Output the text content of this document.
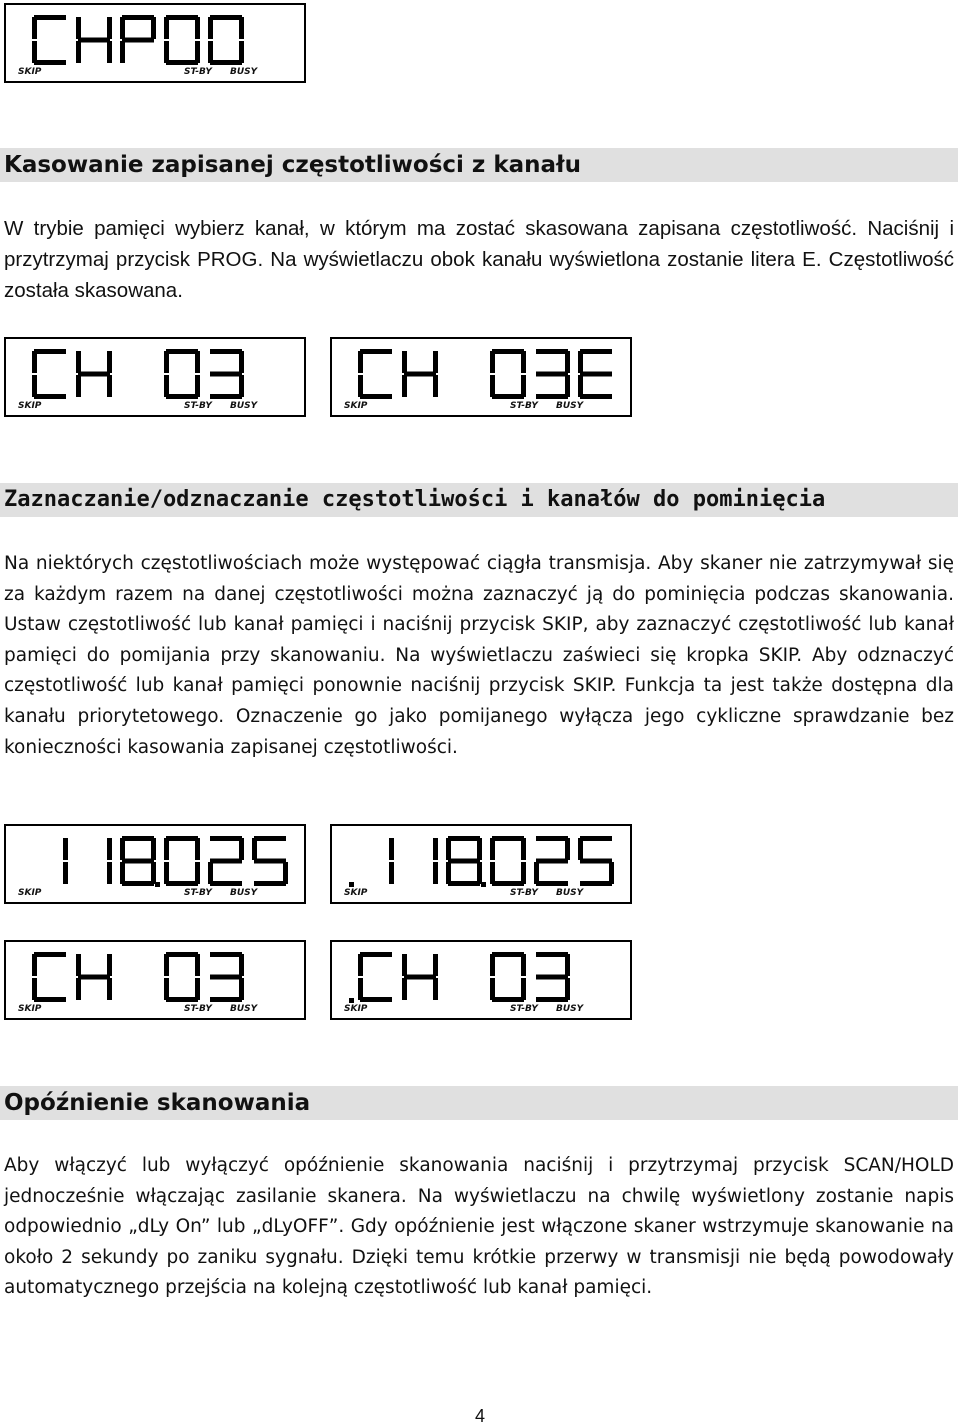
SKIP	ST-BY BUSY
Kasowanie zapisanej częstotliwości z kanału
W trybie pamięci wybierz kanał, w którym ma zostać skasowana zapisana częstotliwość. Naciśnij i przytrzymaj przycisk PROG. Na wyświetlaczu obok kanału wyświetlona zostanie litera E. Częstotliwość została skasowana.
SKIP	ST-BY BUSY	SKIP	ST-BY BUSY
Zaznaczanie/odznaczanie częstotliwości i kanałów do pominięcia
Na niektórych częstotliwościach może występować ciągła transmisja. Aby skaner nie zatrzymywał się za każdym razem na danej częstotliwości można zaznaczyć ją do pominięcia podczas skanowania. Ustaw częstotliwość lub kanał pamięci i naciśnij przycisk SKIP, aby zaznaczyć częstotliwość lub kanał pamięci do pomijania przy skanowaniu. Na wyświetlaczu zaświeci się kropka SKIP. Aby odznaczyć częstotliwość lub kanał pamięci ponownie naciśnij przycisk SKIP. Funkcja ta jest także dostępna dla kanału priorytetowego. Oznaczenie go jako pomijanego wyłącza jego cykliczne sprawdzanie bez konieczności kasowania zapisanej częstotliwości.
SKIP	ST-BY BUSY	SKIP	ST-BY BUSY
SKIP	ST-BY BUSY	SKIP	ST-BY BUSY
Opóźnienie skanowania
Aby włączyć lub wyłączyć opóźnienie skanowania naciśnij i przytrzymaj przycisk SCAN/HOLD jednocześnie włączając zasilanie skanera. Na wyświetlaczu na chwilę wyświetlony zostanie napis odpowiednio „dLy On” lub „dLyOFF”. Gdy opóźnienie jest włączone skaner wstrzymuje skanowanie na około 2 sekundy po zaniku sygnału. Dzięki temu krótkie przerwy w transmisji nie będą powodowały automatycznego przejścia na kolejną częstotliwość lub kanał pamięci.
4
